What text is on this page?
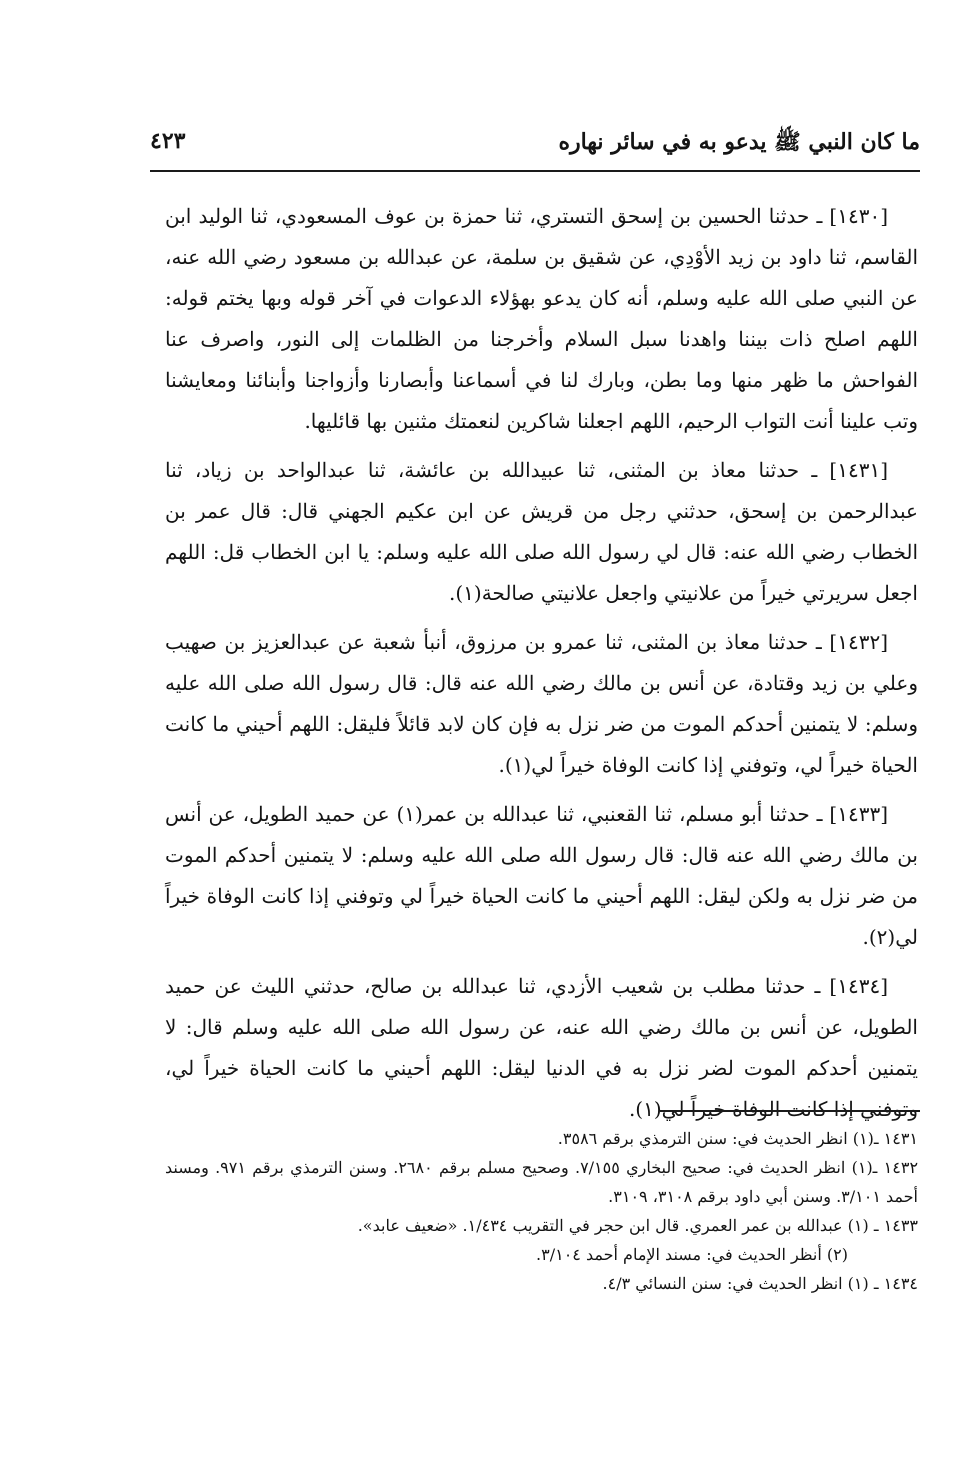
ما كان النبي ﷺ يدعو به في سائر نهاره
٤٢٣

[١٤٣٠] ـ حدثنا الحسين بن إسحق التستري، ثنا حمزة بن عوف المسعودي، ثنا الوليد ابن القاسم، ثنا داود بن زيد الأوْدِي، عن شقيق بن سلمة، عن عبدالله بن مسعود رضي الله عنه، عن النبي صلى الله عليه وسلم، أنه كان يدعو بهؤلاء الدعوات في آخر قوله وبها يختم قوله: اللهم اصلح ذات بيننا واهدنا سبل السلام وأخرجنا من الظلمات إلى النور، واصرف عنا الفواحش ما ظهر منها وما بطن، وبارك لنا في أسماعنا وأبصارنا وأزواجنا وأبنائنا ومعايشنا وتب علينا أنت التواب الرحيم، اللهم اجعلنا شاكرين لنعمتك مثنين بها قائليها.

[١٤٣١] ـ حدثنا معاذ بن المثنى، ثنا عبيدالله بن عائشة، ثنا عبدالواحد بن زياد، ثنا عبدالرحمن بن إسحق، حدثني رجل من قريش عن ابن عكيم الجهني قال: قال عمر بن الخطاب رضي الله عنه: قال لي رسول الله صلى الله عليه وسلم: يا ابن الخطاب قل: اللهم اجعل سريرتي خيراً من علانيتي واجعل علانيتي صالحة(١).

[١٤٣٢] ـ حدثنا معاذ بن المثنى، ثنا عمرو بن مرزوق، أنبأ شعبة عن عبدالعزيز بن صهيب وعلي بن زيد وقتادة، عن أنس بن مالك رضي الله عنه قال: قال رسول الله صلى الله عليه وسلم: لا يتمنين أحدكم الموت من ضر نزل به فإن كان لابد قائلاً فليقل: اللهم أحيني ما كانت الحياة خيراً لي، وتوفني إذا كانت الوفاة خيراً لي(١).

[١٤٣٣] ـ حدثنا أبو مسلم، ثنا القعنبي، ثنا عبدالله بن عمر(١) عن حميد الطويل، عن أنس بن مالك رضي الله عنه قال: قال رسول الله صلى الله عليه وسلم: لا يتمنين أحدكم الموت من ضر نزل به ولكن ليقل: اللهم أحيني ما كانت الحياة خيراً لي وتوفني إذا كانت الوفاة خيراً لي(٢).

[١٤٣٤] ـ حدثنا مطلب بن شعيب الأزدي، ثنا عبدالله بن صالح، حدثني الليث عن حميد الطويل، عن أنس بن مالك رضي الله عنه، عن رسول الله صلى الله عليه وسلم قال: لا يتمنين أحدكم الموت لضر نزل به في الدنيا ليقل: اللهم أحيني ما كانت الحياة خيراً لي، وتوفني إذا كانت الوفاة خيراً لي(١).

١٤٣١ ـ(١) انظر الحديث في: سنن الترمذي برقم ٣٥٨٦.

١٤٣٢ ـ(١) انظر الحديث في: صحيح البخاري ٧/١٥٥. وصحيح مسلم برقم ٢٦٨٠. وسنن الترمذي برقم ٩٧١. ومسند أحمد ٣/١٠١. وسنن أبي داود برقم ٣١٠٨، ٣١٠٩.

١٤٣٣ ـ (١) عبدالله بن عمر العمري. قال ابن حجر في التقريب ١/٤٣٤. «ضعيف عابد».

(٢) أنظر الحديث في: مسند الإمام أحمد ٣/١٠٤.

١٤٣٤ ـ (١) انظر الحديث في: سنن النسائي ٤/٣.
